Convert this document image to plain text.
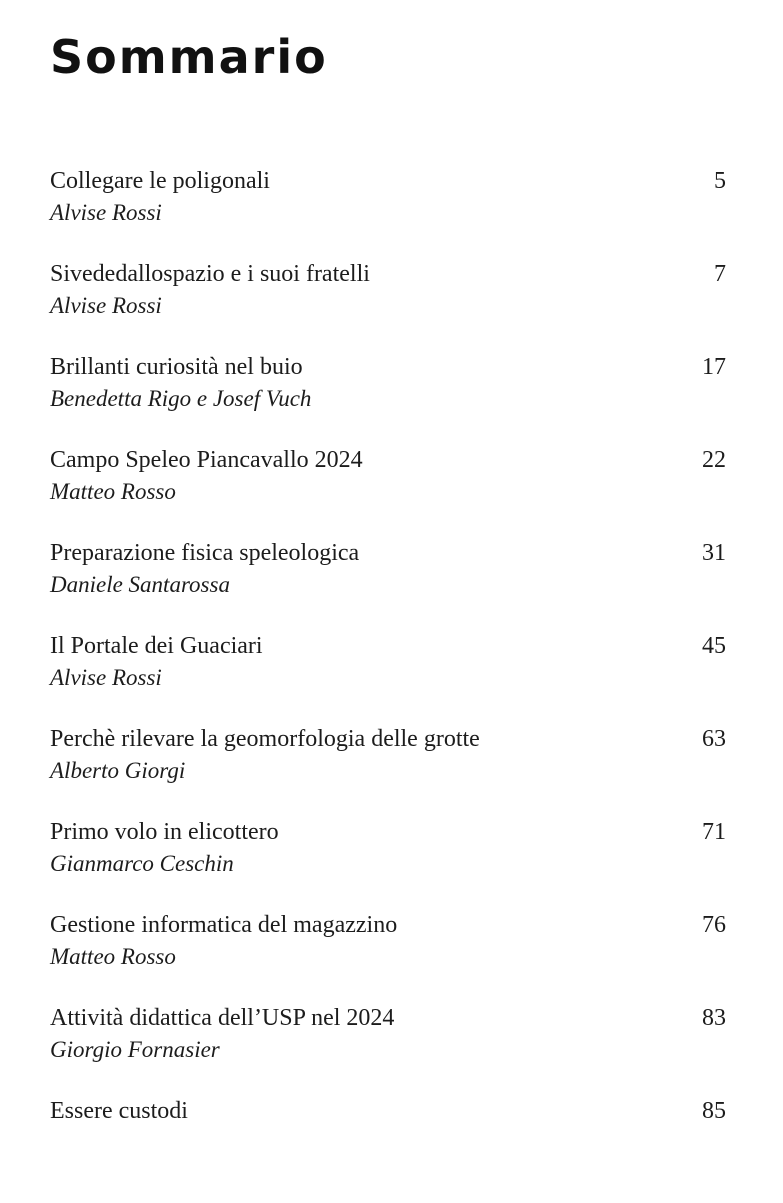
Sommario
Collegare le poligonali
Alvise Rossi
5
Sivededallospazio e i suoi fratelli
Alvise Rossi
7
Brillanti curiosità nel buio
Benedetta Rigo e Josef Vuch
17
Campo Speleo Piancavallo 2024
Matteo Rosso
22
Preparazione fisica speleologica
Daniele Santarossa
31
Il Portale dei Guaciari
Alvise Rossi
45
Perchè rilevare la geomorfologia delle grotte
Alberto Giorgi
63
Primo volo in elicottero
Gianmarco Ceschin
71
Gestione informatica del magazzino
Matteo Rosso
76
Attività didattica dell’USP nel 2024
Giorgio Fornasier
83
Essere custodi	85
